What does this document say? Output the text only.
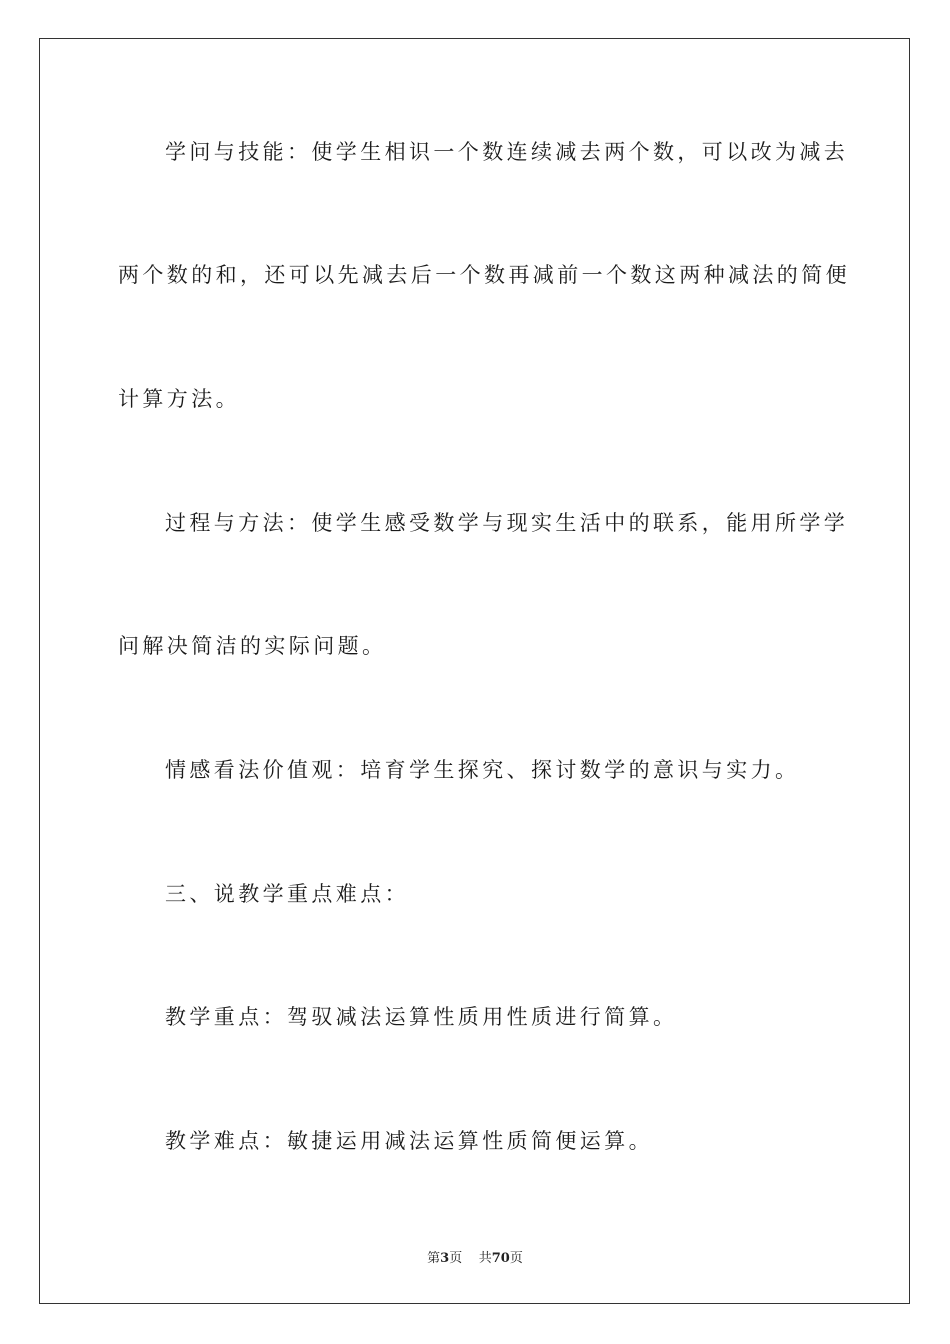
学问与技能：使学生相识一个数连续减去两个数，可以改为减去
两个数的和，还可以先减去后一个数再减前一个数这两种减法的简便
计算方法。
过程与方法：使学生感受数学与现实生活中的联系，能用所学学
问解决简洁的实际问题。
情感看法价值观：培育学生探究、探讨数学的意识与实力。
三、说教学重点难点：
教学重点：驾驭减法运算性质用性质进行简算。
教学难点：敏捷运用减法运算性质简便运算。
第3页 共70页
